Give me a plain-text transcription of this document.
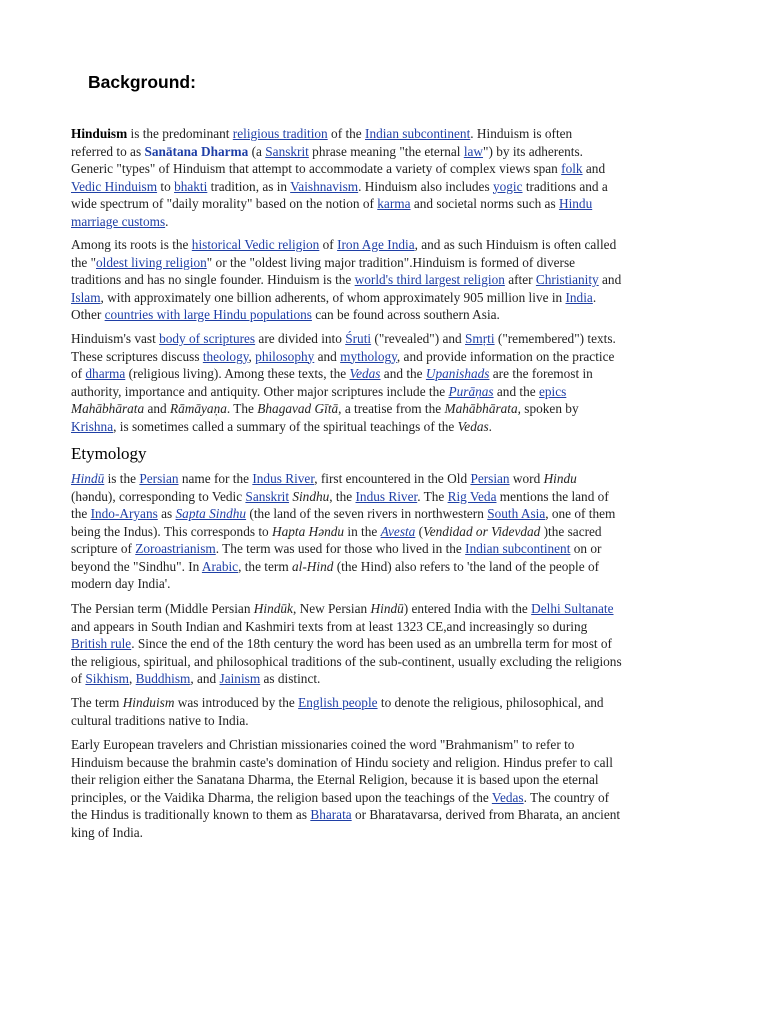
Background:
Etymology
Hinduism is the predominant religious tradition of the Indian subcontinent. Hinduism is often
referred to as Sanātana Dharma (a Sanskrit phrase meaning "the eternal law") by its adherents.
Generic "types" of Hinduism that attempt to accommodate a variety of complex views span folk and
Vedic Hinduism to bhakti tradition, as in Vaishnavism. Hinduism also includes yogic traditions and a
wide spectrum of "daily morality" based on the notion of karma and societal norms such as Hindu
marriage customs.
Among its roots is the historical Vedic religion of Iron Age India, and as such Hinduism is often called
the "oldest living religion" or the "oldest living major tradition".Hinduism is formed of diverse
traditions and has no single founder. Hinduism is the world's third largest religion after Christianity and
Islam, with approximately one billion adherents, of whom approximately 905 million live in India.
Other countries with large Hindu populations can be found across southern Asia.
Hinduism's vast body of scriptures are divided into Śruti ("revealed") and Smṛti ("remembered") texts.
These scriptures discuss theology, philosophy and mythology, and provide information on the practice
of dharma (religious living). Among these texts, the Vedas and the Upanishads are the foremost in
authority, importance and antiquity. Other major scriptures include the Purāṇas and the epics
Mahābhārata and Rāmāyaṇa. The Bhagavad Gītā, a treatise from the Mahābhārata, spoken by
Krishna, is sometimes called a summary of the spiritual teachings of the Vedas.
Hindū is the Persian name for the Indus River, first encountered in the Old Persian word Hindu
(həndu), corresponding to Vedic Sanskrit Sindhu, the Indus River. The Rig Veda mentions the land of
the Indo-Aryans as Sapta Sindhu (the land of the seven rivers in northwestern South Asia, one of them
being the Indus). This corresponds to Hapta Həndu in the Avesta (Vendidad or Videvdad )the sacred
scripture of Zoroastrianism. The term was used for those who lived in the Indian subcontinent on or
beyond the "Sindhu". In Arabic, the term al-Hind (the Hind) also refers to 'the land of the people of
modern day India'.
The Persian term (Middle Persian Hindūk, New Persian Hindū) entered India with the Delhi Sultanate
and appears in South Indian and Kashmiri texts from at least 1323 CE,and increasingly so during
British rule. Since the end of the 18th century the word has been used as an umbrella term for most of
the religious, spiritual, and philosophical traditions of the sub-continent, usually excluding the religions
of Sikhism, Buddhism, and Jainism as distinct.
The term Hinduism was introduced by the English people to denote the religious, philosophical, and
cultural traditions native to India.
Early European travelers and Christian missionaries coined the word "Brahmanism" to refer to
Hinduism because the brahmin caste's domination of Hindu society and religion. Hindus prefer to call
their religion either the Sanatana Dharma, the Eternal Religion, because it is based upon the eternal
principles, or the Vaidika Dharma, the religion based upon the teachings of the Vedas. The country of
the Hindus is traditionally known to them as Bharata or Bharatavarsa, derived from Bharata, an ancient
king of India.
